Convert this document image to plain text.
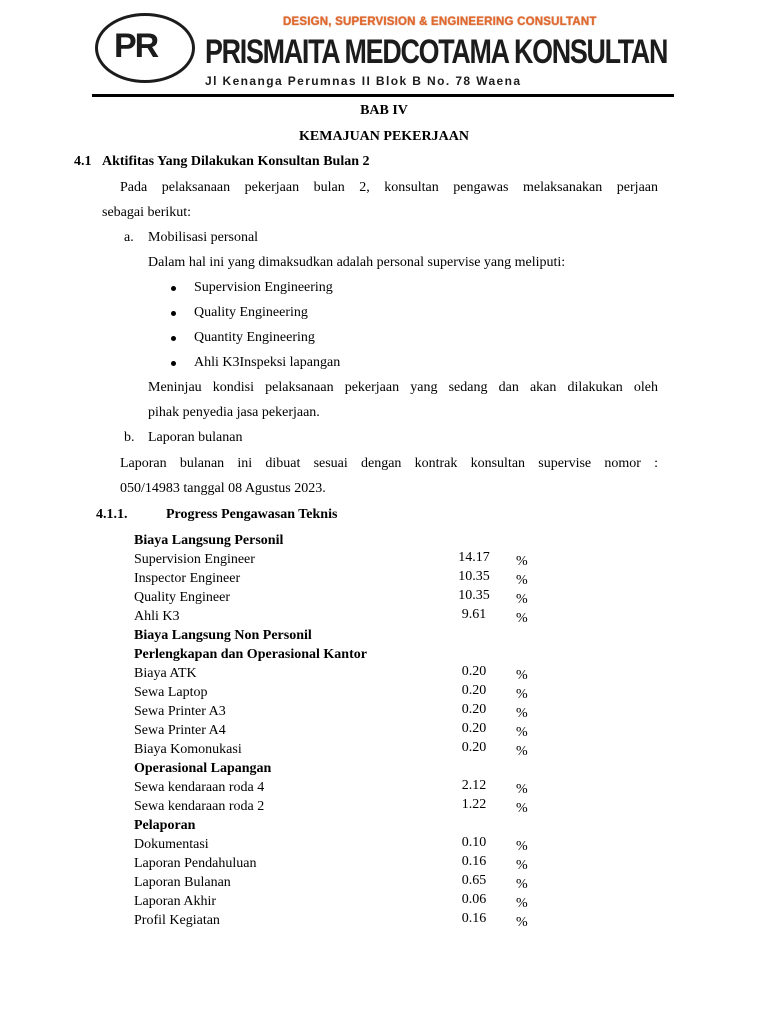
PR
DESIGN, SUPERVISION & ENGINEERING CONSULTANT
PRISMAITA MEDCOTAMA KONSULTAN
Jl Kenanga Perumnas II Blok B No. 78 Waena
BAB IV
KEMAJUAN PEKERJAAN
4.1 Aktifitas Yang Dilakukan Konsultan Bulan 2
Pada pelaksanaan pekerjaan bulan 2, konsultan pengawas melaksanakan perjaan
sebagai berikut:
a. Mobilisasi personal
Dalam hal ini yang dimaksudkan adalah personal supervise yang meliputi:
Supervision Engineering
Quality Engineering
Quantity Engineering
Ahli K3Inspeksi lapangan
Meninjau kondisi pelaksanaan pekerjaan yang sedang dan akan dilakukan oleh
pihak penyedia jasa pekerjaan.
b. Laporan bulanan
Laporan bulanan ini dibuat sesuai dengan kontrak konsultan supervise nomor :
050/14983 tanggal 08 Agustus 2023.
4.1.1.	Progress Pengawasan Teknis
Biaya Langsung Personil
Supervision Engineer	14.17	%
Inspector Engineer	10.35	%
Quality Engineer	10.35	%
Ahli K3	9.61	%
Biaya Langsung Non Personil
Perlengkapan dan Operasional Kantor
Biaya ATK	0.20	%
Sewa Laptop	0.20	%
Sewa Printer A3	0.20	%
Sewa Printer A4	0.20	%
Biaya Komonukasi	0.20	%
Operasional Lapangan
Sewa kendaraan roda 4	2.12	%
Sewa kendaraan roda 2	1.22	%
Pelaporan
Dokumentasi	0.10	%
Laporan Pendahuluan	0.16	%
Laporan Bulanan	0.65	%
Laporan Akhir	0.06	%
Profil Kegiatan	0.16	%
